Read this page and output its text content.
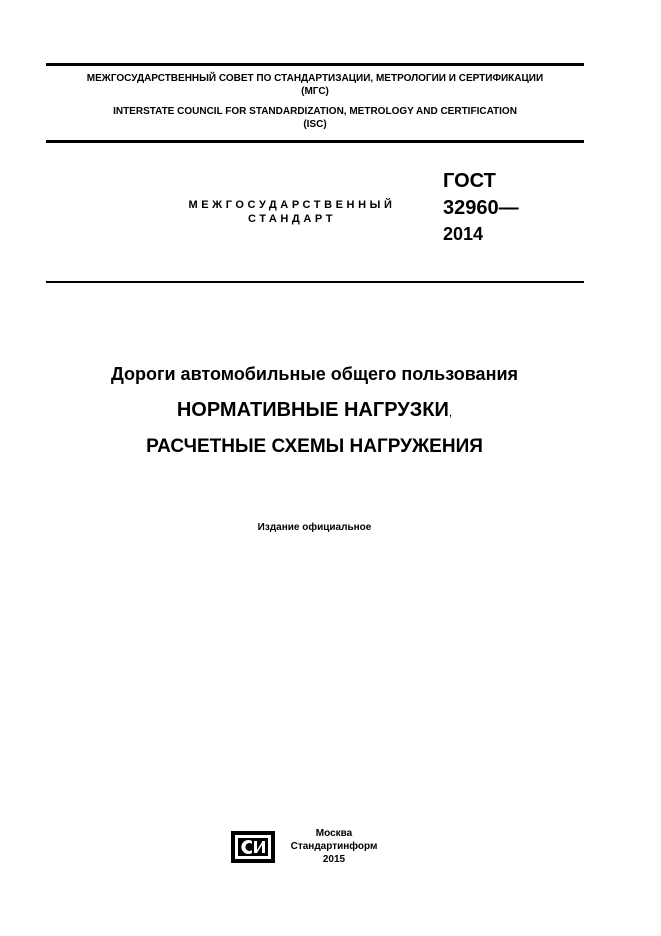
МЕЖГОСУДАРСТВЕННЫЙ СОВЕТ ПО СТАНДАРТИЗАЦИИ, МЕТРОЛОГИИ И СЕРТИФИКАЦИИ
(МГС)
INTERSTATE COUNCIL FOR STANDARDIZATION, METROLOGY AND CERTIFICATION
(ISC)
МЕЖГОСУДАРСТВЕННЫЙ
СТАНДАРТ
ГОСТ
32960—
2014
Дороги автомобильные общего пользования
НОРМАТИВНЫЕ НАГРУЗКИ,
РАСЧЕТНЫЕ СХЕМЫ НАГРУЖЕНИЯ
Издание официальное
Москва
Стандартинформ
2015
